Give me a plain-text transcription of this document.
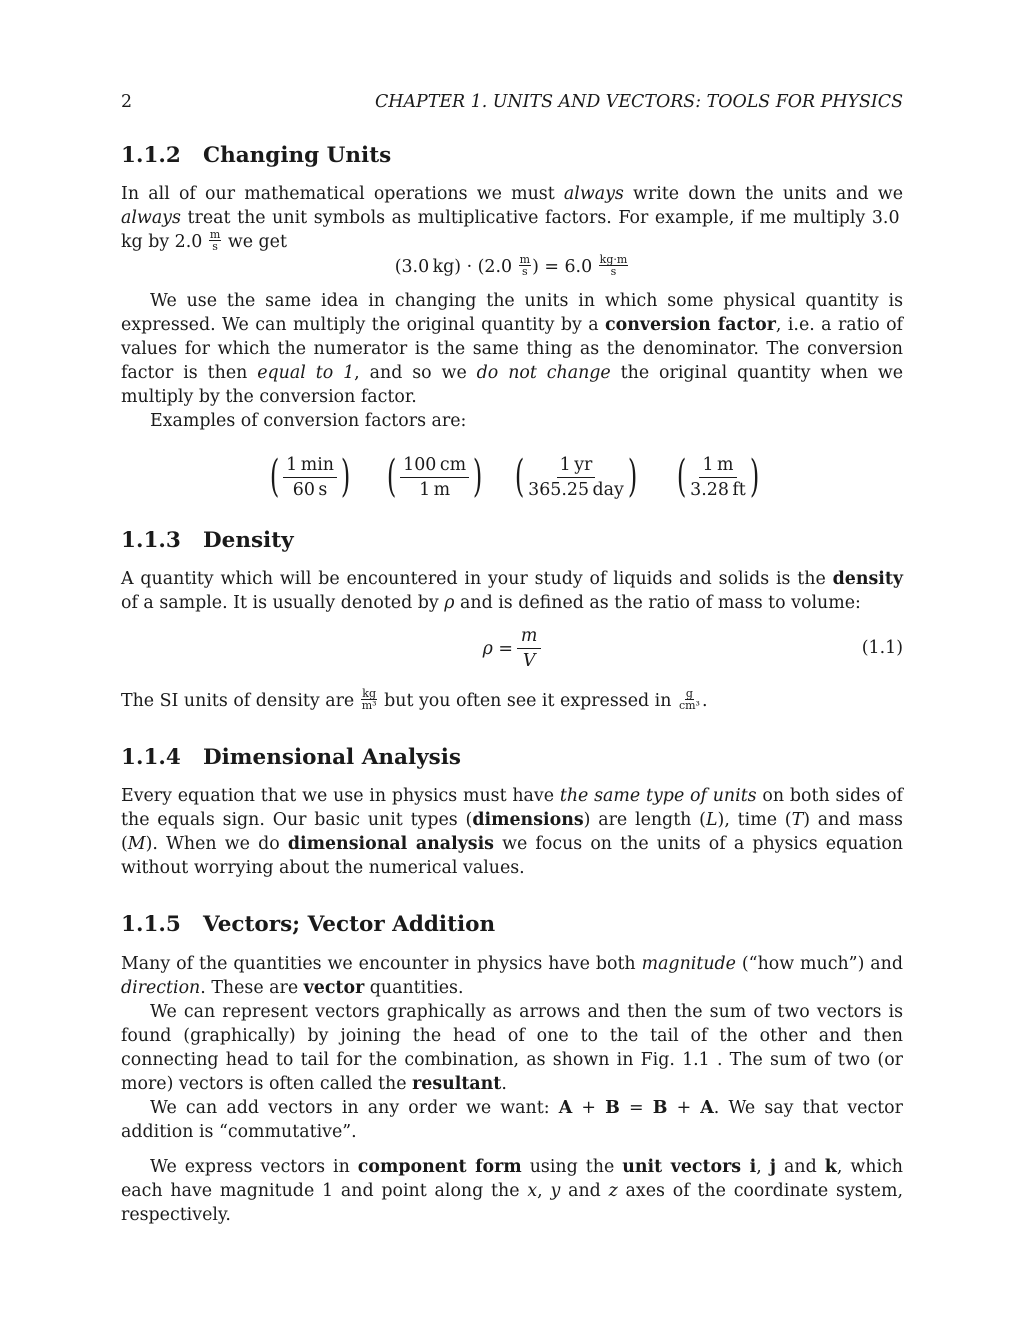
2	CHAPTER 1. UNITS AND VECTORS: TOOLS FOR PHYSICS
1.1.2 Changing Units

In all of our mathematical operations we must always write down the units and we always treat the unit symbols as multiplicative factors. For example, if me multiply 3.0 kg by $2.0 \frac{m}{s}$ we get

(3.0 $kg) \cdot (2.0 \frac{m}{s}$ ) = $6.0 \frac{kg\cdot m}{s}$

We use the same idea in changing the units in which some physical quantity is expressed. We can multiply the original quantity by a conversion factor, i.e. a ratio of values for which the numerator is the same thing as the denominator. The conversion factor is then equal to 1, and so we do not change the original quantity when we multiply by the conversion factor.

Examples of conversion factors are:

( 1 min
60 s ) ( 100 cm
1 m ) ( 1 yr
365.25 day ) ( 1 m
3.28 ft )
1.1.3 Density

A quantity which will be encountered in your study of liquids and solids is the density of a sample. It is usually denoted by ρ and is defined as the ratio of mass to volume:

$\rho = \frac{m}{V}$	(1.1)

The SI units of density are $\frac{kg}{\text{m³}}$ but you often see it expressed in $\frac{g}{\text{cm³}}$ .

1.1.4 Dimensional Analysis

Every equation that we use in physics must have the same type of units on both sides of the equals sign. Our basic unit types (dimensions) are length (L), time (T) and mass (M). When we do dimensional analysis we focus on the units of a physics equation without worrying about the numerical values.

1.1.5 Vectors; Vector Addition

Many of the quantities we encounter in physics have both magnitude (“how much”) and direction. These are vector quantities.

We can represent vectors graphically as arrows and then the sum of two vectors is found (graphically) by joining the head of one to the tail of the other and then connecting head to tail for the combination, as shown in Fig. 1.1 . The sum of two (or more) vectors is often called the resultant.

We can add vectors in any order we want: A + B = B + A. We say that vector addition is “commutative”.

We express vectors in component form using the unit vectors i, j and k, which each have magnitude 1 and point along the x, y and z axes of the coordinate system, respectively.
